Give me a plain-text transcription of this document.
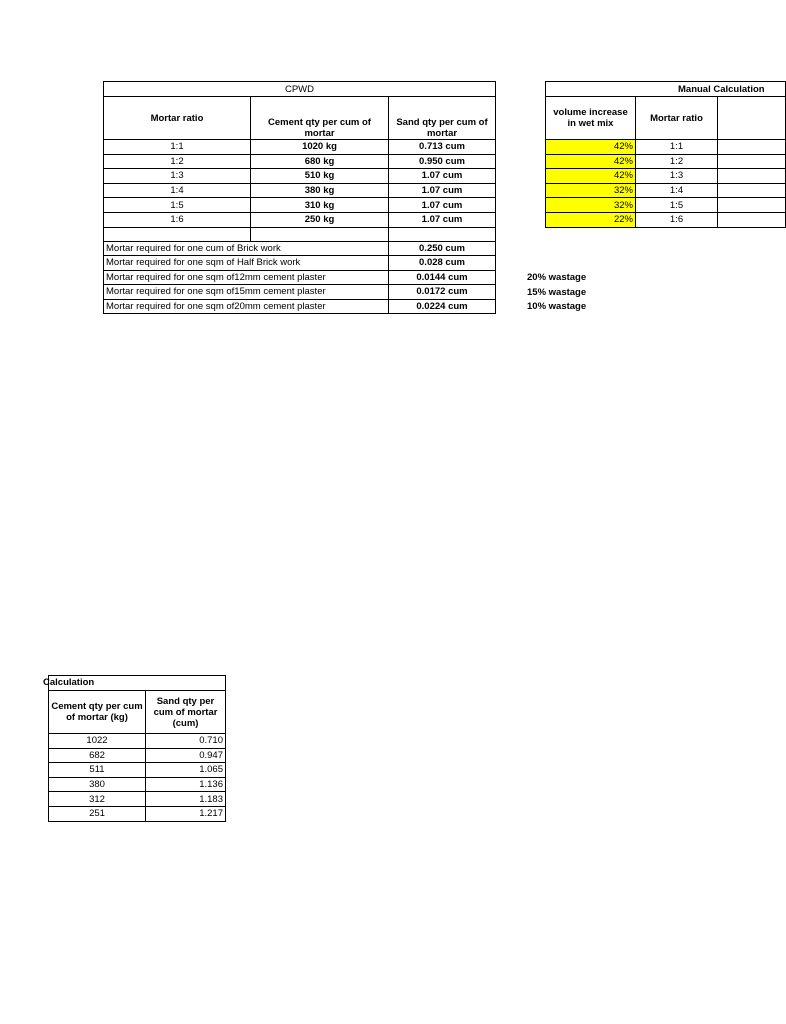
CPWD		
Mortar ratio	Cement qty per cum of mortar	Sand qty per cum of mortar
1:1	1020 kg	0.713 cum
1:2	680 kg	0.950 cum
1:3	510 kg	1.07 cum
1:4	380 kg	1.07 cum
1:5	310 kg	1.07 cum
1:6	250 kg	1.07 cum

Mortar required for one cum of Brick work		0.250 cum
Mortar required for one sqm of Half Brick work		0.028 cum
Mortar required for one sqm of12mm cement plaster		0.0144 cum
Mortar required for one sqm of15mm cement plaster		0.0172 cum
Mortar required for one sqm of20mm cement plaster		0.0224 cum
20% wastage
15% wastage
10% wastage
Manual Calculation		
volume increase in wet mix	Mortar ratio	
42%	1:1	
42%	1:2	
42%	1:3	
32%	1:4	
32%	1:5	
22%	1:6	
Calculation	

Cement qty per cum of mortar (kg)	Sand qty per cum of mortar (cum)
1022	0.710
682	0.947
511	1.065
380	1.136
312	1.183
251	1.217
